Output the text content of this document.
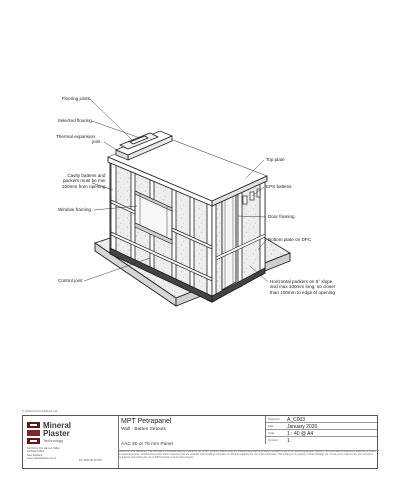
Flooring joists
Selected flooring
Thermal expansion
joint
Cavity battens and
packers must be min
100mm from opening
Window framing
Control joint
Top plate
EPS battens
Door framing
Bottom plate on DPC
Horizontal packers on 5° slope
and max 100mm long, no closer
than 100mm to edge of opening
© 2019 Petra Holdings Ltd
Mineral
Plaster
Technology
61 Fitzroy Rd, Hamon Valley
Auckland 4621
New Zealand
www.mineralplaster.co.nz
Ph: 0800 00 22 878
MPT Petrapanel
Wall - Batten Setouts
AAC 50 or 75 mm Panel
Reference A_C003
Date	January 2020
Scale	1 : 40 @ A4
Revision 1
TERMS OF USE Disclaimer: This information is intended solely as a guide for use of MPT products. Before using you should ensure that the product is suitable for use in the specific application. Nothing in this information constitutes a statement of fitness for particular purpose. All warranties except where required by law are excluded. Petra Holdings Ltd makes no warranty regarding the use of this information. This drawing is the property of Petra Holdings Ltd. It must not be copied in any form except for the purpose of specifying the use of MPT products in construction projects.
